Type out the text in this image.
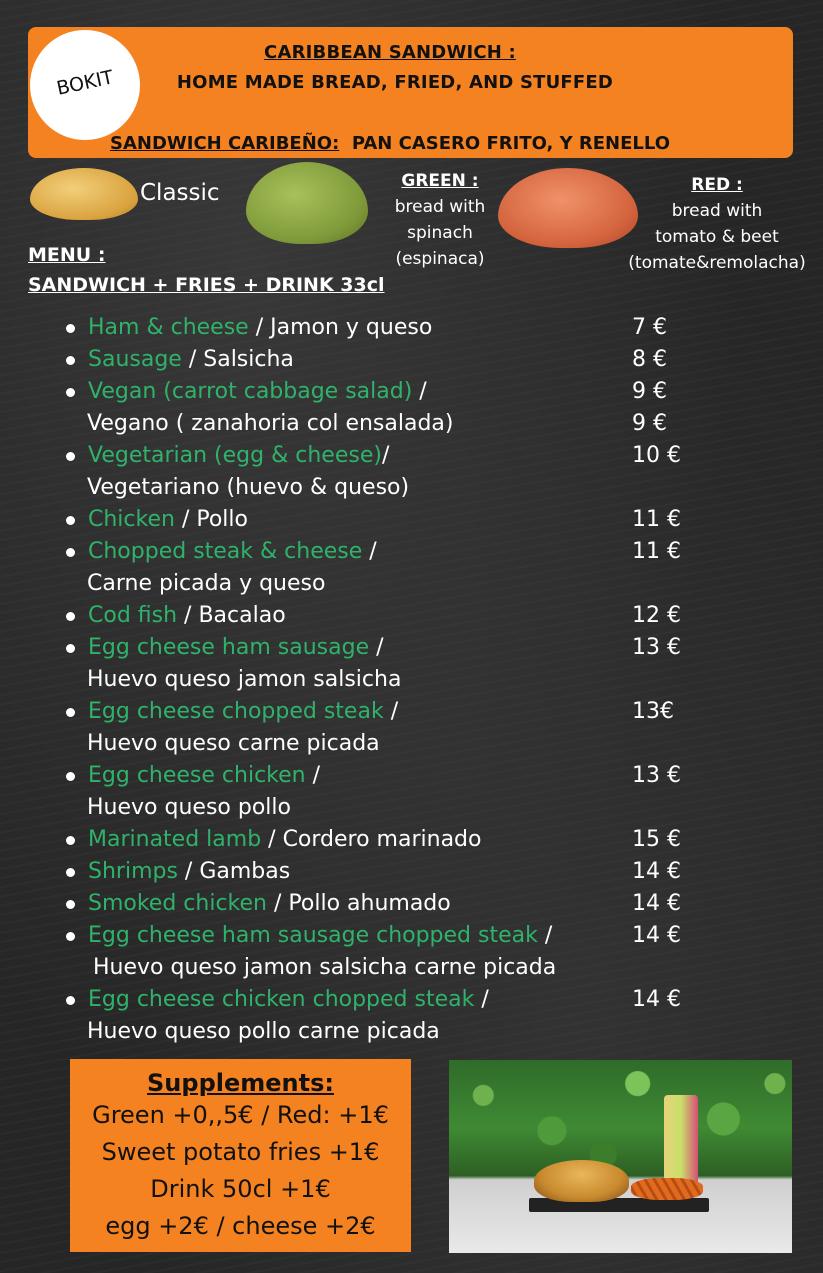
BOKIT
CARIBBEAN SANDWICH :
HOME MADE BREAD, FRIED, AND STUFFED
SANDWICH CARIBEÑO: PAN CASERO FRITO, Y RENELLO
Classic	GREEN :
bread with
spinach
(espinaca)
RED :
bread with
tomato & beet
(tomate&remolacha)
MENU :
SANDWICH + FRIES + DRINK 33cl
Ham & cheese / Jamon y queso	7 €
Sausage / Salsicha	8 €
Vegan (carrot cabbage salad) /	9 €
Vegano ( zanahoria col ensalada)	9 €
Vegetarian (egg & cheese)/	10 €
Vegetariano (huevo & queso)
Chicken / Pollo	11 €
Chopped steak & cheese /	11 €
Carne picada y queso
Cod fish / Bacalao	12 €
Egg cheese ham sausage /	13 €
Huevo queso jamon salsicha
Egg cheese chopped steak /	13€
Huevo queso carne picada
Egg cheese chicken /	13 €
Huevo queso pollo
Marinated lamb / Cordero marinado	15 €
Shrimps / Gambas	14 €
Smoked chicken / Pollo ahumado	14 €
Egg cheese ham sausage chopped steak /	14 €
Huevo queso jamon salsicha carne picada
Egg cheese chicken chopped steak /	14 €
Huevo queso pollo carne picada
Supplements:
Green +0,,5€ / Red: +1€
Sweet potato fries +1€
Drink 50cl +1€
egg +2€ / cheese +2€
